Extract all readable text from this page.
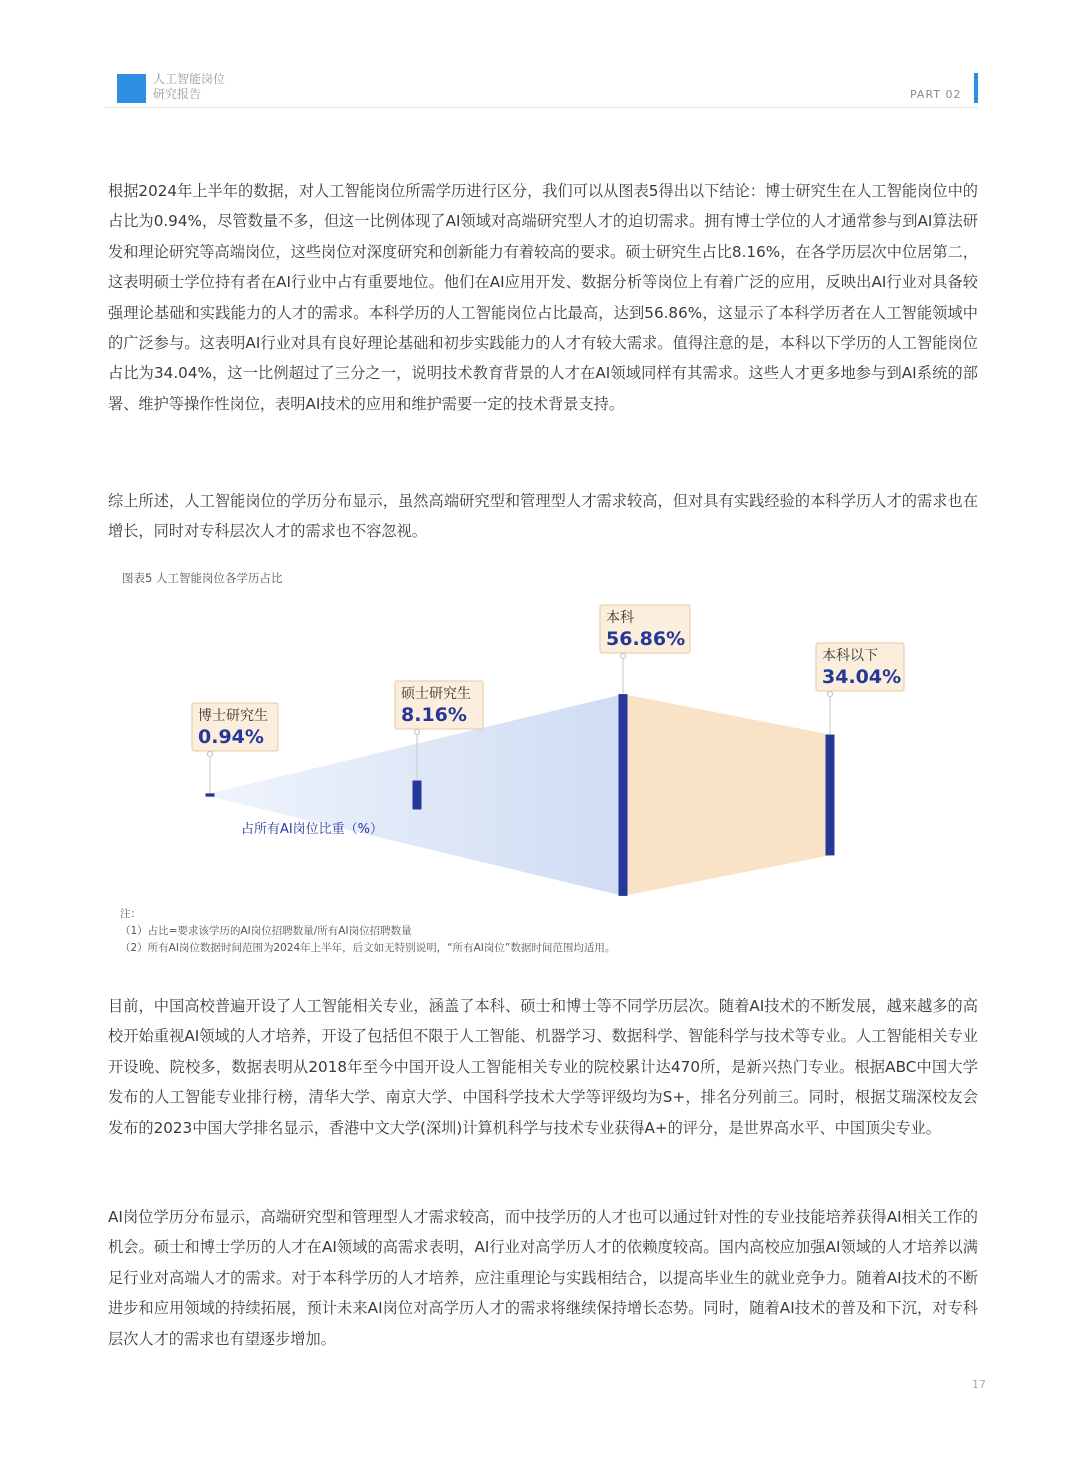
人工智能岗位
研究报告	PART 02

根据2024年上半年的数据，对人工智能岗位所需学历进行区分，我们可以从图表5得出以下结论：博士研究生在人工智能岗位中的占比为0.94%，尽管数量不多，但这一比例体现了AI领域对高端研究型人才的迫切需求。拥有博士学位的人才通常参与到AI算法研发和理论研究等高端岗位，这些岗位对深度研究和创新能力有着较高的要求。硕士研究生占比8.16%，在各学历层次中位居第二，这表明硕士学位持有者在AI行业中占有重要地位。他们在AI应用开发、数据分析等岗位上有着广泛的应用，反映出AI行业对具备较强理论基础和实践能力的人才的需求。本科学历的人工智能岗位占比最高，达到56.86%，这显示了本科学历者在人工智能领域中的广泛参与。这表明AI行业对具有良好理论基础和初步实践能力的人才有较大需求。值得注意的是，本科以下学历的人工智能岗位占比为34.04%，这一比例超过了三分之一，说明技术教育背景的人才在AI领域同样有其需求。这些人才更多地参与到AI系统的部署、维护等操作性岗位，表明AI技术的应用和维护需要一定的技术背景支持。

综上所述，人工智能岗位的学历分布显示，虽然高端研究型和管理型人才需求较高，但对具有实践经验的本科学历人才的需求也在增长，同时对专科层次人才的需求也不容忽视。

图表5 人工智能岗位各学历占比
博士研究生
0.94%
硕士研究生
8.16%
本科
56.86%
本科以下
34.04%
占所有AI岗位比重（%）
注：
（1）占比=要求该学历的AI岗位招聘数量/所有AI岗位招聘数量
（2）所有AI岗位数据时间范围为2024年上半年，后文如无特别说明，“所有AI岗位”数据时间范围均适用。

目前，中国高校普遍开设了人工智能相关专业，涵盖了本科、硕士和博士等不同学历层次。随着AI技术的不断发展，越来越多的高校开始重视AI领域的人才培养，开设了包括但不限于人工智能、机器学习、数据科学、智能科学与技术等专业。人工智能相关专业开设晚、院校多，数据表明从2018年至今中国开设人工智能相关专业的院校累计达470所，是新兴热门专业。根据ABC中国大学发布的人工智能专业排行榜，清华大学、南京大学、中国科学技术大学等评级均为S+，排名分列前三。同时，根据艾瑞深校友会发布的2023中国大学排名显示，香港中文大学(深圳)计算机科学与技术专业获得A+的评分，是世界高水平、中国顶尖专业。

AI岗位学历分布显示，高端研究型和管理型人才需求较高，而中技学历的人才也可以通过针对性的专业技能培养获得AI相关工作的机会。硕士和博士学历的人才在AI领域的高需求表明，AI行业对高学历人才的依赖度较高。国内高校应加强AI领域的人才培养以满足行业对高端人才的需求。对于本科学历的人才培养，应注重理论与实践相结合，以提高毕业生的就业竞争力。随着AI技术的不断进步和应用领域的持续拓展，预计未来AI岗位对高学历人才的需求将继续保持增长态势。同时，随着AI技术的普及和下沉，对专科层次人才的需求也有望逐步增加。

17
